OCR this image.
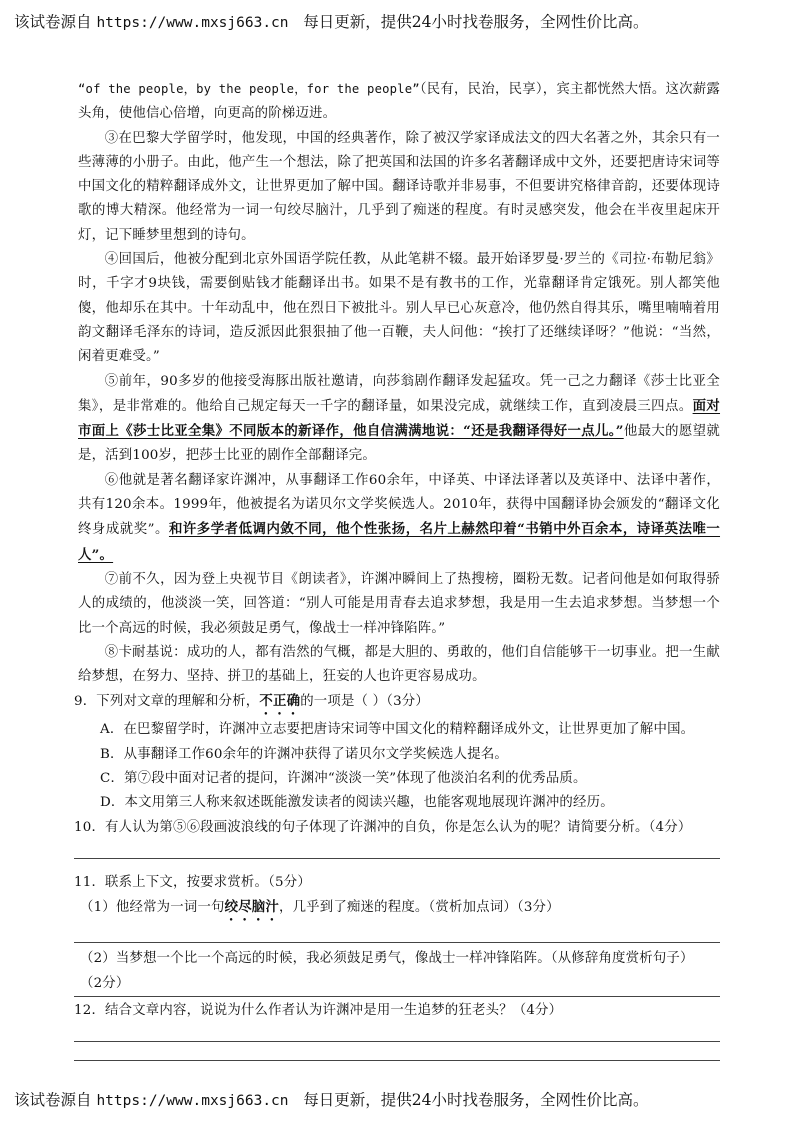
该试卷源自 https://www.mxsj663.cn 每日更新，提供24小时找卷服务，全网性价比高。

“of the people，by the people，for the people”（民有，民治，民享），宾主都恍然大悟。这次薪露头角，使他信心倍增，向更高的阶梯迈进。

③在巴黎大学留学时，他发现，中国的经典著作，除了被汉学家译成法文的四大名著之外，其余只有一些薄薄的小册子。由此，他产生一个想法，除了把英国和法国的许多名著翻译成中文外，还要把唐诗宋词等中国文化的精粹翻译成外文，让世界更加了解中国。翻译诗歌并非易事，不但要讲究格律音韵，还要体现诗歌的博大精深。他经常为一词一句绞尽脑汁，几乎到了痴迷的程度。有时灵感突发，他会在半夜里起床开灯，记下睡梦里想到的诗句。

④回国后，他被分配到北京外国语学院任教，从此笔耕不辍。最开始译罗曼·罗兰的《司拉·布勒尼翁》时，千字才9块钱，需要倒贴钱才能翻译出书。如果不是有教书的工作，光靠翻译肯定饿死。别人都笑他傻，他却乐在其中。十年动乱中，他在烈日下被批斗。别人早已心灰意冷，他仍然自得其乐，嘴里喃喃着用韵文翻译毛泽东的诗词，造反派因此狠狠抽了他一百鞭，夫人问他：“挨打了还继续译呀？”他说：“当然，闲着更难受。”

⑤前年，90多岁的他接受海豚出版社邀请，向莎翁剧作翻译发起猛攻。凭一己之力翻译《莎士比亚全集》，是非常难的。他给自己规定每天一千字的翻译量，如果没完成，就继续工作，直到凌晨三四点。面对市面上《莎士比亚全集》不同版本的新译作，他自信满满地说：“还是我翻译得好一点儿。”他最大的愿望就是，活到100岁，把莎士比亚的剧作全部翻译完。

⑥他就是著名翻译家许渊冲，从事翻译工作60余年，中译英、中译法译著以及英译中、法译中著作，共有120余本。1999年，他被提名为诺贝尔文学奖候选人。2010年，获得中国翻译协会颁发的“翻译文化终身成就奖”。和许多学者低调内敛不同，他个性张扬，名片上赫然印着“书销中外百余本，诗译英法唯一人”。

⑦前不久，因为登上央视节目《朗读者》，许渊冲瞬间上了热搜榜，圈粉无数。记者问他是如何取得骄人的成绩的，他淡淡一笑，回答道：“别人可能是用青春去追求梦想，我是用一生去追求梦想。当梦想一个比一个高远的时候，我必须鼓足勇气，像战士一样冲锋陷阵。”

⑧卡耐基说：成功的人，都有浩然的气概，都是大胆的、勇敢的，他们自信能够干一切事业。把一生献给梦想，在努力、坚持、拼卫的基础上，狂妄的人也许更容易成功。

9．下列对文章的理解和分析，不正确的一项是（ ）（3分）

A．在巴黎留学时，许渊冲立志要把唐诗宋词等中国文化的精粹翻译成外文，让世界更加了解中国。

B．从事翻译工作60余年的许渊冲获得了诺贝尔文学奖候选人提名。

C．第⑦段中面对记者的提问，许渊冲“淡淡一笑”体现了他淡泊名利的优秀品质。

D．本文用第三人称来叙述既能激发读者的阅读兴趣，也能客观地展现许渊冲的经历。

10．有人认为第⑤⑥段画波浪线的句子体现了许渊冲的自负，你是怎么认为的呢？请简要分析。（4分）

11．联系上下文，按要求赏析。（5分）

（1）他经常为一词一句绞尽脑汁，几乎到了痴迷的程度。（赏析加点词）（3分）

（2）当梦想一个比一个高远的时候，我必须鼓足勇气，像战士一样冲锋陷阵。（从修辞角度赏析句子）
（2分）

12．结合文章内容，说说为什么作者认为许渊冲是用一生追梦的狂老头？（4分）

该试卷源自 https://www.mxsj663.cn 每日更新，提供24小时找卷服务，全网性价比高。
